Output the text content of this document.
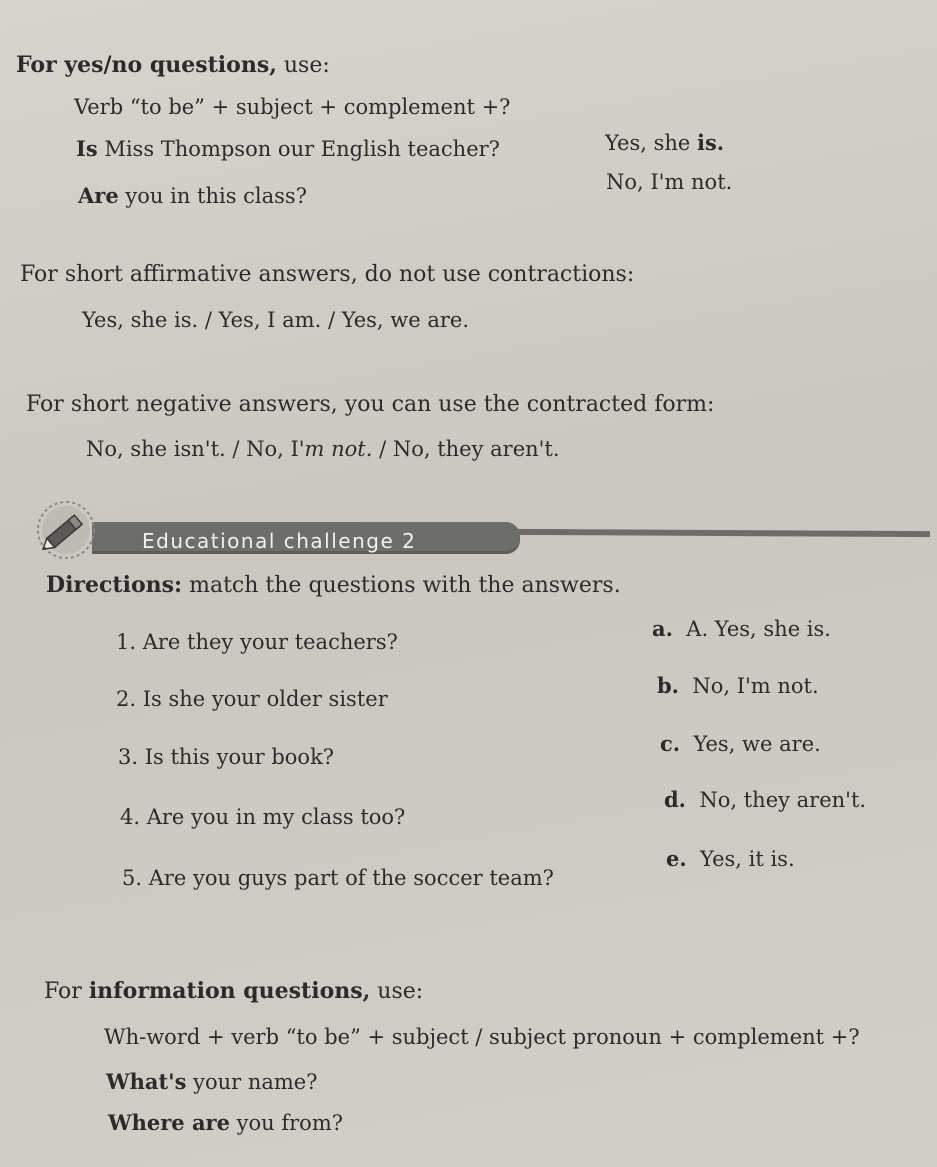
For yes/no questions, use:
Verb “to be” + subject + complement +?
Is Miss Thompson our English teacher?	Yes, she is.
Are you in this class?
No, I'm not.
For short affirmative answers, do not use contractions:
Yes, she is. / Yes, I am. / Yes, we are.
For short negative answers, you can use the contracted form:
No, she isn't. / No, I'm not. / No, they aren't.
Educational challenge 2
Directions: match the questions with the answers.
1. Are they your teachers?
2. Is she your older sister
3. Is this your book?
4. Are you in my class too?
5. Are you guys part of the soccer team?
a. A. Yes, she is.
b. No, I'm not.
c. Yes, we are.
d. No, they aren't.
e. Yes, it is.
For information questions, use:
Wh-word + verb “to be” + subject / subject pronoun + complement +?
What's your name?
Where are you from?
